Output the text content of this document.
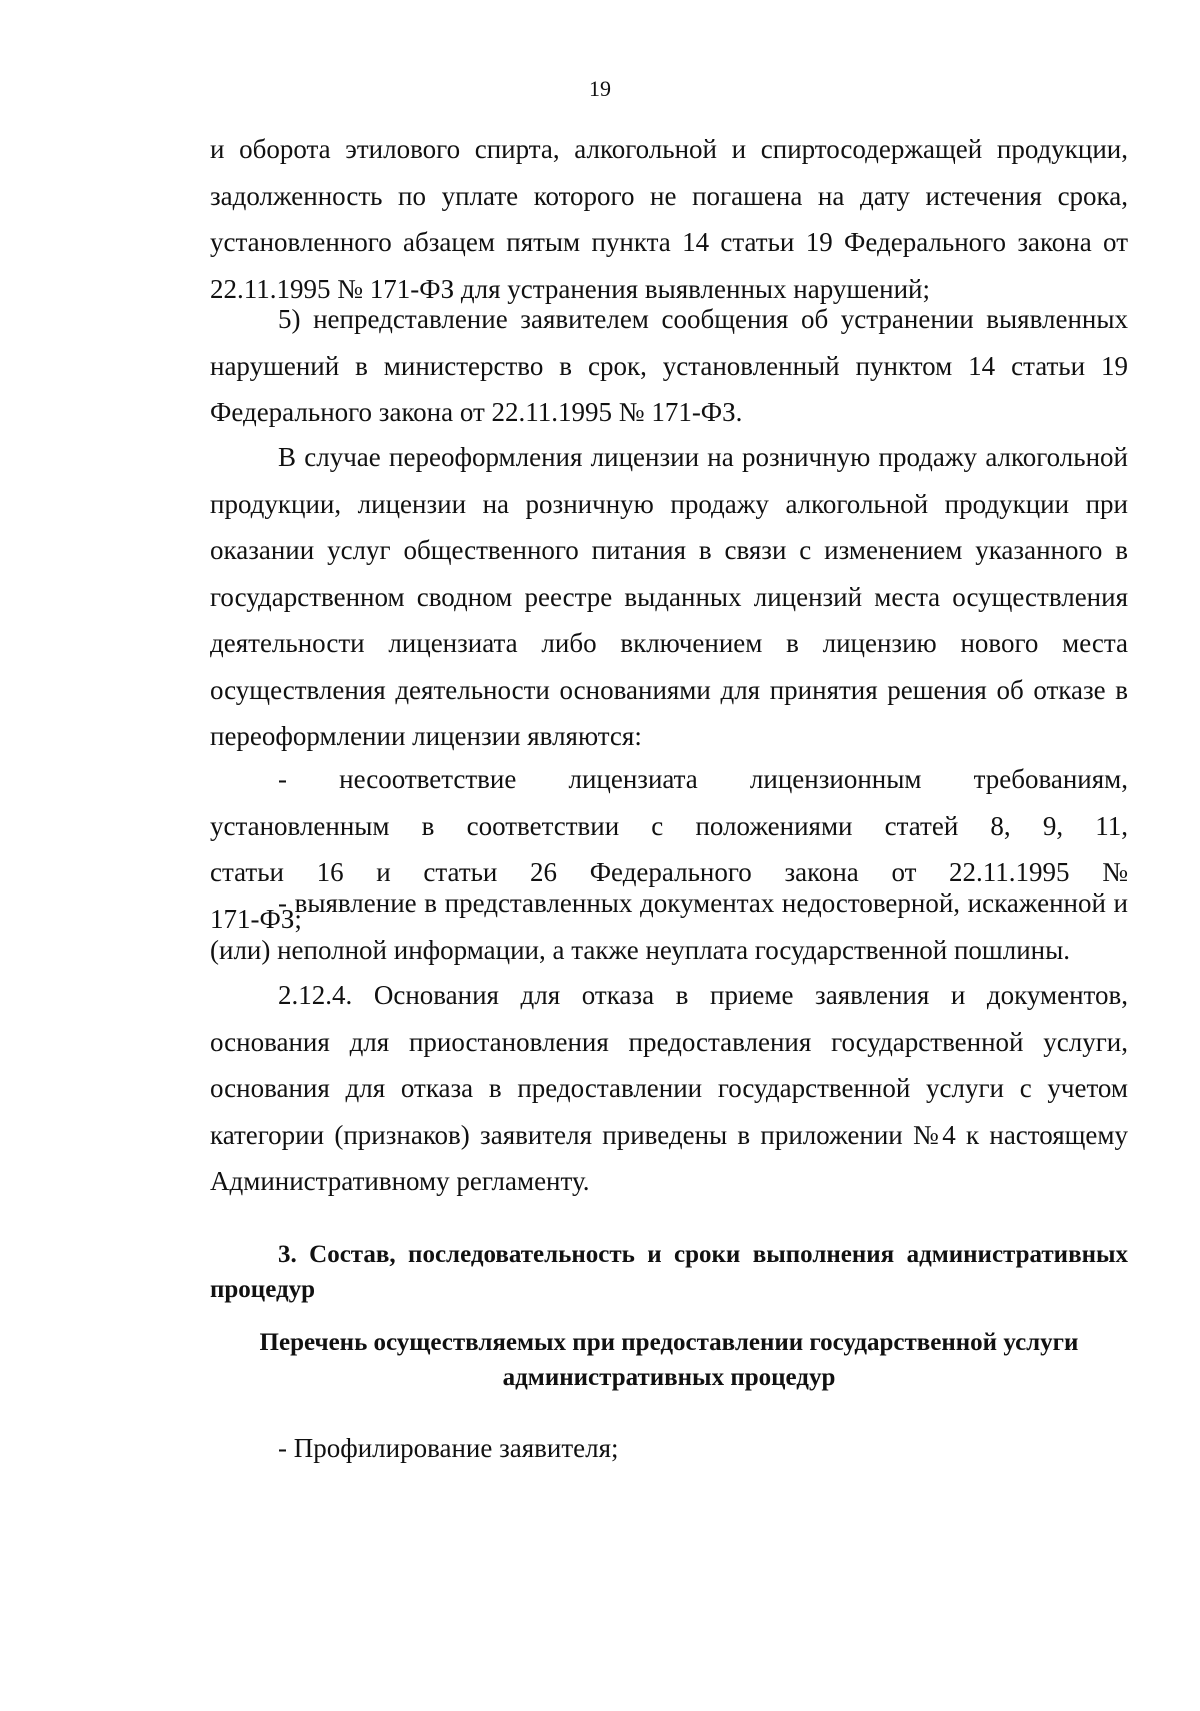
19
и оборота этилового спирта, алкогольной и спиртосодержащей продукции, задолженность по уплате которого не погашена на дату истечения срока, установленного абзацем пятым пункта 14 статьи 19 Федерального закона от 22.11.1995 № 171-ФЗ для устранения выявленных нарушений;
5) непредставление заявителем сообщения об устранении выявленных нарушений в министерство в срок, установленный пунктом 14 статьи 19 Федерального закона от 22.11.1995 № 171-ФЗ.
В случае переоформления лицензии на розничную продажу алкогольной продукции, лицензии на розничную продажу алкогольной продукции при оказании услуг общественного питания в связи с изменением указанного в государственном сводном реестре выданных лицензий места осуществления деятельности лицензиата либо включением в лицензию нового места осуществления деятельности основаниями для принятия решения об отказе в переоформлении лицензии являются:
- несоответствие лицензиата лицензионным требованиям, установленным в соответствии с положениями статей 8, 9, 11, статьи 16 и статьи 26 Федерального закона от 22.11.1995 № 171-ФЗ;
- выявление в представленных документах недостоверной, искаженной и (или) неполной информации, а также неуплата государственной пошлины.
2.12.4. Основания для отказа в приеме заявления и документов, основания для приостановления предоставления государственной услуги, основания для отказа в предоставлении государственной услуги с учетом категории (признаков) заявителя приведены в приложении №4 к настоящему Административному регламенту.
3. Состав, последовательность и сроки выполнения административных процедур
Перечень осуществляемых при предоставлении государственной услуги административных процедур
- Профилирование заявителя;
